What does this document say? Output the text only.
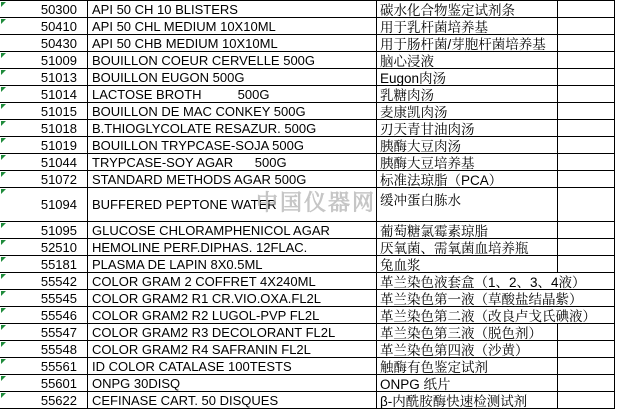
50300 API 50 CH 10 BLISTERS	碳水化合物鉴定试剂条
50410 API 50 CHL MEDIUM 10X10ML	用于乳杆菌培养基
50430 API 50 CHB MEDIUM 10X10ML	用于肠杆菌/芽胞杆菌培养基
51009 BOUILLON COEUR CERVELLE 500G	脑心浸液
51013 BOUILLON EUGON 500G	Eugon肉汤
51014 LACTOSE BROTH          500G	乳糖肉汤
51015 BOUILLON DE MAC CONKEY 500G	麦康凯肉汤
51018 B.THIOGLYCOLATE RESAZUR. 500G	刃天青甘油肉汤
51019 BOUILLON TRYPCASE-SOJA 500G	胰酶大豆肉汤
51044 TRYPCASE-SOY AGAR      500G	胰酶大豆培养基
51072 STANDARD METHODS AGAR 500G	标准法琼脂（PCA）
51094 BUFFERED PEPTONE WATER	缓冲蛋白胨水
51095 GLUCOSE CHLORAMPHENICOL AGAR	葡萄糖氯霉素琼脂
52510 HEMOLINE PERF.DIPHAS. 12FLAC.	厌氧菌、需氧菌血培养瓶
55181 PLASMA DE LAPIN 8X0.5ML	兔血浆
55542 COLOR GRAM 2 COFFRET 4X240ML	革兰染色液套盒（1、2、3、4液）
55545 COLOR GRAM2 R1 CR.VIO.OXA.FL2L	革兰染色第一液（草酸盐结晶紫）
55546 COLOR GRAM2 R2 LUGOL-PVP FL2L	革兰染色第二液（改良卢戈氏碘液）
55547 COLOR GRAM2 R3 DECOLORANT FL2L	革兰染色第三液（脱色剂）
55548 COLOR GRAM2 R4 SAFRANIN FL2L	革兰染色第四液（沙黄）
55561 ID COLOR CATALASE 100TESTS	触酶有色鉴定试剂
55601 ONPG 30DISQ	ONPG 纸片
55622 CEFINASE CART. 50 DISQUES	β-内酰胺酶快速检测试剂
中国仪器网
